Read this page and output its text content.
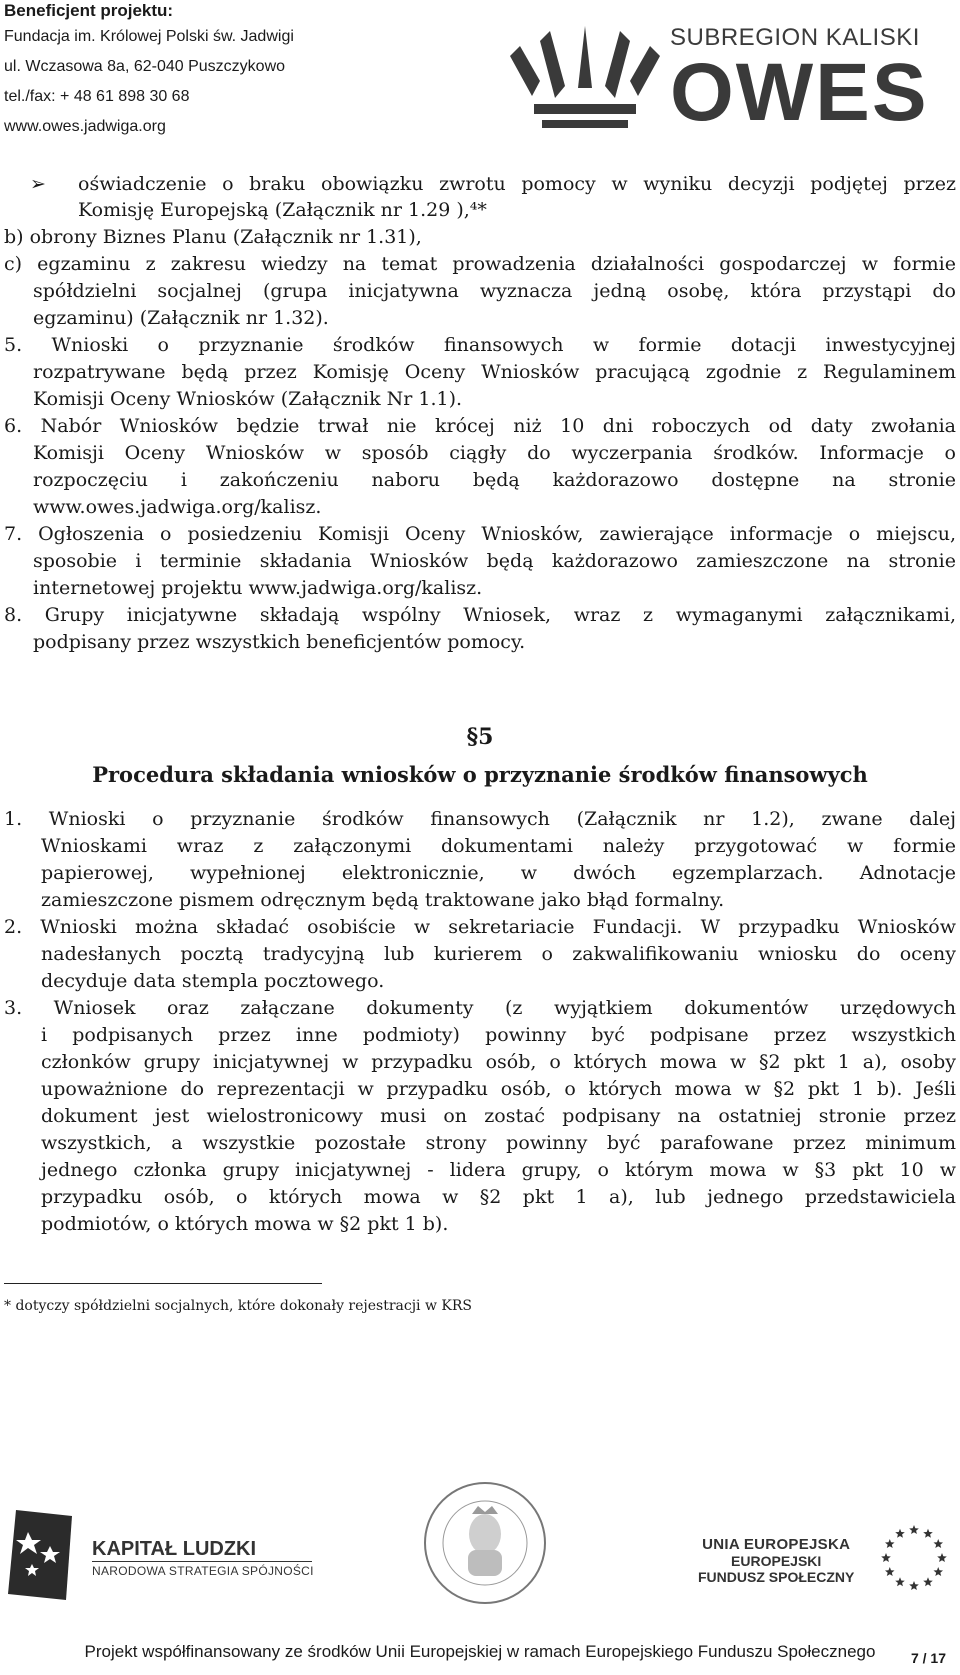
Beneficjent projektu:
Fundacja im. Królowej Polski św. Jadwigi
ul. Wczasowa 8a, 62-040 Puszczykowo
tel./fax: + 48 61 898 30 68
www.owes.jadwiga.org
SUBREGION KALISKI
OWES
oświadczenie o braku obowiązku zwrotu pomocy w wyniku decyzji podjętej przez
Komisję Europejską (Załącznik nr 1.29 ),⁴*
b) obrony Biznes Planu (Załącznik nr 1.31),
c) egzaminu z zakresu wiedzy na temat prowadzenia działalności gospodarczej w formie
spółdzielni socjalnej (grupa inicjatywna wyznacza jedną osobę, która przystąpi do
egzaminu) (Załącznik nr 1.32).
5. Wnioski o przyznanie środków finansowych w formie dotacji inwestycyjnej
rozpatrywane będą przez Komisję Oceny Wniosków pracującą zgodnie z Regulaminem
Komisji Oceny Wniosków (Załącznik Nr 1.1).
6. Nabór Wniosków będzie trwał nie krócej niż 10 dni roboczych od daty zwołania
Komisji Oceny Wniosków w sposób ciągły do wyczerpania środków. Informacje o
rozpoczęciu i zakończeniu naboru będą każdorazowo dostępne na stronie
www.owes.jadwiga.org/kalisz.
7. Ogłoszenia o posiedzeniu Komisji Oceny Wniosków, zawierające informacje o miejscu,
sposobie i terminie składania Wniosków będą każdorazowo zamieszczone na stronie
internetowej projektu www.jadwiga.org/kalisz.
8. Grupy inicjatywne składają wspólny Wniosek, wraz z wymaganymi załącznikami,
podpisany przez wszystkich beneficjentów pomocy.
➢
§5
Procedura składania wniosków o przyznanie środków finansowych
1. Wnioski o przyznanie środków finansowych (Załącznik nr 1.2), zwane dalej
Wnioskami wraz z załączonymi dokumentami należy przygotować w formie
papierowej, wypełnionej elektronicznie, w dwóch egzemplarzach. Adnotacje
zamieszczone pismem odręcznym będą traktowane jako błąd formalny.
2. Wnioski można składać osobiście w sekretariacie Fundacji. W przypadku Wniosków
nadesłanych pocztą tradycyjną lub kurierem o zakwalifikowaniu wniosku do oceny
decyduje data stempla pocztowego.
3. Wniosek oraz załączane dokumenty (z wyjątkiem dokumentów urzędowych
i podpisanych przez inne podmioty) powinny być podpisane przez wszystkich
członków grupy inicjatywnej w przypadku osób, o których mowa w §2 pkt 1 a), osoby
upoważnione do reprezentacji w przypadku osób, o których mowa w §2 pkt 1 b). Jeśli
dokument jest wielostronicowy musi on zostać podpisany na ostatniej stronie przez
wszystkich, a wszystkie pozostałe strony powinny być parafowane przez minimum
jednego członka grupy inicjatywnej - lidera grupy, o którym mowa w §3 pkt 10 w
przypadku osób, o których mowa w §2 pkt 1 a), lub jednego przedstawiciela
podmiotów, o których mowa w §2 pkt 1 b).
* dotyczy spółdzielni socjalnych, które dokonały rejestracji w KRS
KAPITAŁ LUDZKI
NARODOWA STRATEGIA SPÓJNOŚCI
UNIA EUROPEJSKA
EUROPEJSKI
FUNDUSZ SPOŁECZNY
Projekt współfinansowany ze środków Unii Europejskiej w ramach Europejskiego Funduszu Społecznego	7 / 17
